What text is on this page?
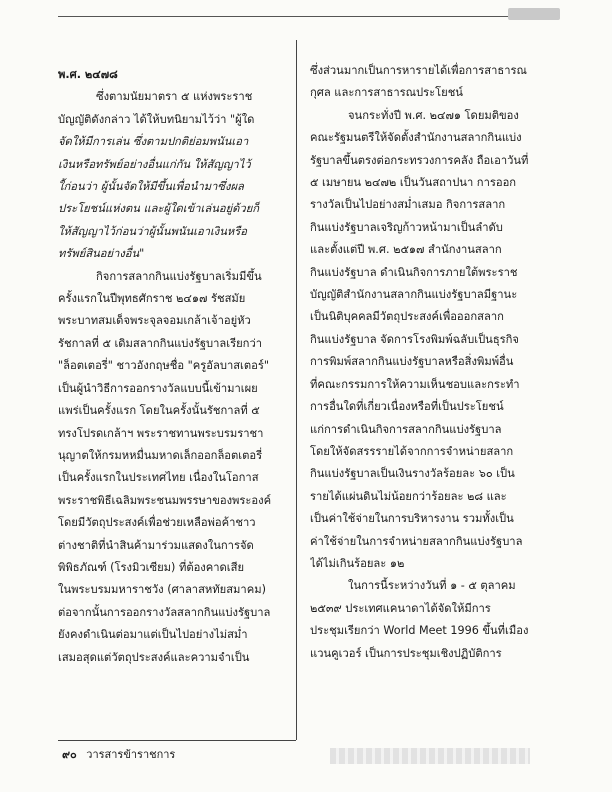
พ.ศ. ๒๔๗๘
ซึ่งตามนัยมาตรา ๕ แห่งพระราช
บัญญัติดังกล่าว ได้ให้บทนิยามไว้ว่า "ผู้ใด
จัดให้มีการเล่น ซึ่งตามปกติย่อมพนันเอา
เงินหรือทรัพย์อย่างอื่นแก่กัน ให้สัญญาไว้
ใ้ก่อนว่า ผู้นั้นจัดให้มีขึ้นเพื่อนำมาซึ่งผล
ประโยชน์แห่งตน และผู้ใดเข้าเล่นอยู่ด้วยก็
ให้สัญญาไว้ก่อนว่าผู้นั้นพนันเอาเงินหรือ
ทรัพย์สินอย่างอื่น"
กิจการสลากกินแบ่งรัฐบาลเริ่มมีขึ้น
ครั้งแรกในปีพุทธศักราช ๒๔๑๗ รัชสมัย
พระบาทสมเด็จพระจุลจอมเกล้าเจ้าอยู่หัว
รัชกาลที่ ๕ เดิมสลากกินแบ่งรัฐบาลเรียกว่า
"ล็อตเตอรี่" ชาวอังกฤษชื่อ "ครูอัลบาสเตอร์"
เป็นผู้นำวิธีการออกรางวัลแบบนี้เข้ามาเผย
แพร่เป็นครั้งแรก โดยในครั้งนั้นรัชกาลที่ ๕
ทรงโปรดเกล้าฯ พระราชทานพระบรมราชา
นุญาตให้กรมหหมื่นมหาดเล็กออกล็อตเตอรี่
เป็นครั้งแรกในประเทศไทย เนื่องในโอกาส
พระราชพิธีเฉลิมพระชนมพรรษาของพระองค์
โดยมีวัตถุประสงค์เพื่อช่วยเหลือพ่อค้าชาว
ต่างชาติที่นำสินค้ามาร่วมแสดงในการจัด
พิพิธภัณฑ์ (โรงมิวเซียม) ที่ต้องคาดเสีย
ในพระบรมมหาราชวัง (ศาลาสหทัยสมาคม)
ต่อจากนั้นการออกรางวัลสลากกินแบ่งรัฐบาล
ยังคงดำเนินต่อมาแต่เป็นไปอย่างไม่สม่ำ
เสมอสุดแต่วัตถุประสงค์และความจำเป็น
ซึ่งส่วนมากเป็นการหารายได้เพื่อการสาธารณ
กุศล และการสาธารณประโยชน์
จนกระทั่งปี พ.ศ. ๒๔๗๑ โดยมติของ
คณะรัฐมนตรีให้จัดตั้งสำนักงานสลากกินแบ่ง
รัฐบาลขึ้นตรงต่อกระทรวงการคลัง ถือเอาวันที่
๕ เมษายน ๒๔๗๒ เป็นวันสถาปนา การออก
รางวัลเป็นไปอย่างสม่ำเสมอ กิจการสลาก
กินแบ่งรัฐบาลเจริญก้าวหน้ามาเป็นลำดับ
และตั้งแต่ปี พ.ศ. ๒๕๑๗ สำนักงานสลาก
กินแบ่งรัฐบาล ดำเนินกิจการภายใต้พระราช
บัญญัติสำนักงานสลากกินแบ่งรัฐบาลมีฐานะ
เป็นนิติบุคคลมีวัตถุประสงค์เพื่อออกสลาก
กินแบ่งรัฐบาล จัดการโรงพิมพ์ฉลับเป็นธุรกิจ
การพิมพ์สลากกินแบ่งรัฐบาลหรือสิ่งพิมพ์อื่น
ที่คณะกรรมการให้ความเห็นชอบและกระทำ
การอื่นใดที่เกี่ยวเนื่องหรือที่เป็นประโยชน์
แก่การดำเนินกิจการสลากกินแบ่งรัฐบาล
โดยให้จัดสรรรายได้จากการจำหน่ายสลาก
กินแบ่งรัฐบาลเป็นเงินรางวัลร้อยละ ๖๐ เป็น
รายได้แผ่นดินไม่น้อยกว่าร้อยละ ๒๘ และ
เป็นค่าใช้จ่ายในการบริหารงาน รวมทั้งเป็น
ค่าใช้จ่ายในการจำหน่ายสลากกินแบ่งรัฐบาล
ได้ไม่เกินร้อยละ ๑๒
ในการนี้ระหว่างวันที่ ๑ - ๕ ตุลาคม
๒๕๓๙ ประเทศแคนาดาได้จัดให้มีการ
ประชุมเรียกว่า World Meet 1996 ขึ้นที่เมือง
แวนคูเวอร์ เป็นการประชุมเชิงปฏิบัติการ
๙๐ วารสารข้าราชการ
